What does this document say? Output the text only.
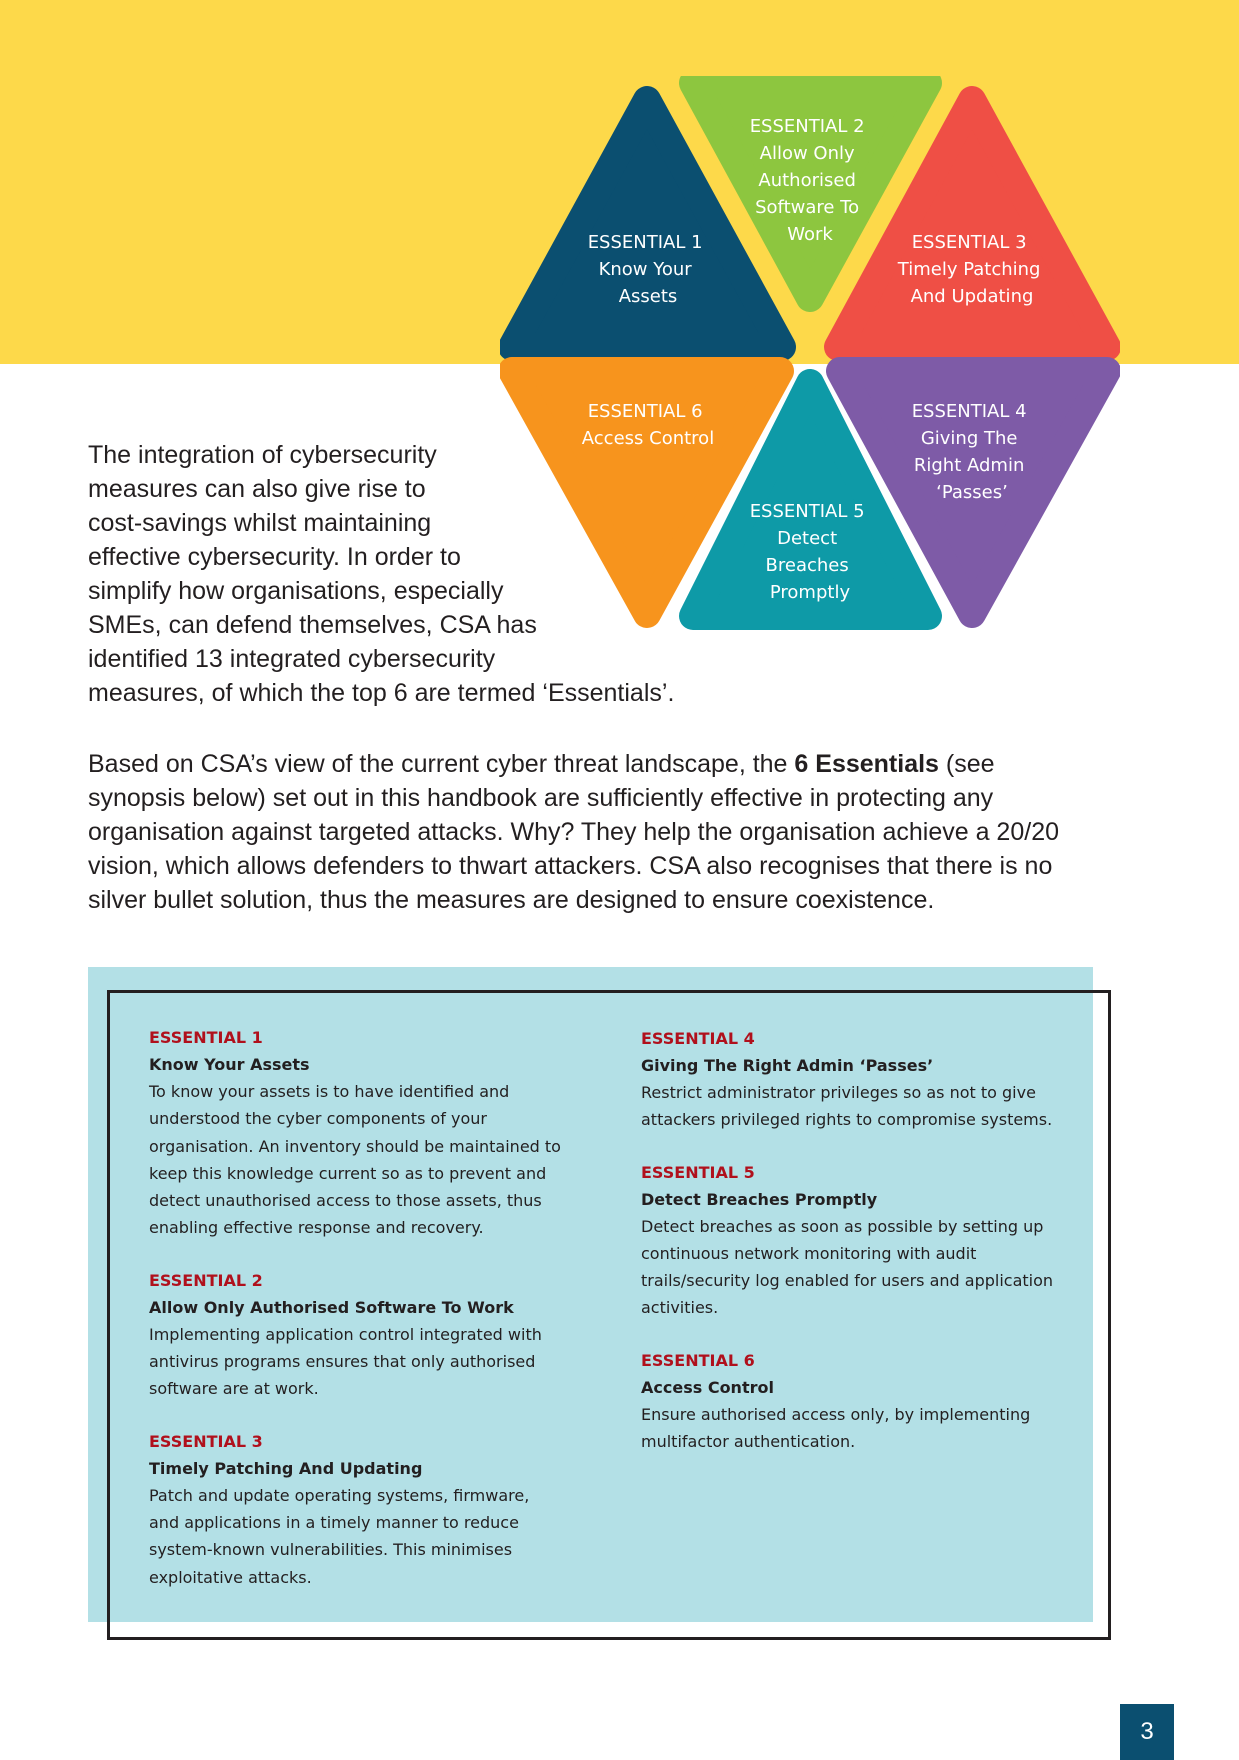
ESSENTIAL 1 Know Your Assets
ESSENTIAL 2 Allow Only Authorised Software To Work	ESSENTIAL 3 Timely Patching And Updating
ESSENTIAL 6 Access Control
ESSENTIAL 5 Detect Breaches Promptly
ESSENTIAL 4 Giving The Right Admin ‘Passes’
The integration of cybersecurity
measures can also give rise to
cost-savings whilst maintaining
effective cybersecurity. In order to
simplify how organisations, especially
SMEs, can defend themselves, CSA has
identified 13 integrated cybersecurity
measures, of which the top 6 are termed ‘Essentials’.
Based on CSA’s view of the current cyber threat landscape, the 6 Essentials (see
synopsis below) set out in this handbook are sufficiently effective in protecting any
organisation against targeted attacks. Why? They help the organisation achieve a 20/20
vision, which allows defenders to thwart attackers. CSA also recognises that there is no
silver bullet solution, thus the measures are designed to ensure coexistence.
ESSENTIAL 1
Know Your Assets
To know your assets is to have identified and
understood the cyber components of your
organisation. An inventory should be maintained to
keep this knowledge current so as to prevent and
detect unauthorised access to those assets, thus
enabling effective response and recovery.
ESSENTIAL 2
Allow Only Authorised Software To Work
Implementing application control integrated with
antivirus programs ensures that only authorised
software are at work.
ESSENTIAL 3
Timely Patching And Updating
Patch and update operating systems, firmware,
and applications in a timely manner to reduce
system-known vulnerabilities. This minimises
exploitative attacks.
ESSENTIAL 4
Giving The Right Admin ‘Passes’
Restrict administrator privileges so as not to give
attackers privileged rights to compromise systems.
ESSENTIAL 5
Detect Breaches Promptly
Detect breaches as soon as possible by setting up
continuous network monitoring with audit
trails/security log enabled for users and application
activities.
ESSENTIAL 6
Access Control
Ensure authorised access only, by implementing
multifactor authentication.
3
